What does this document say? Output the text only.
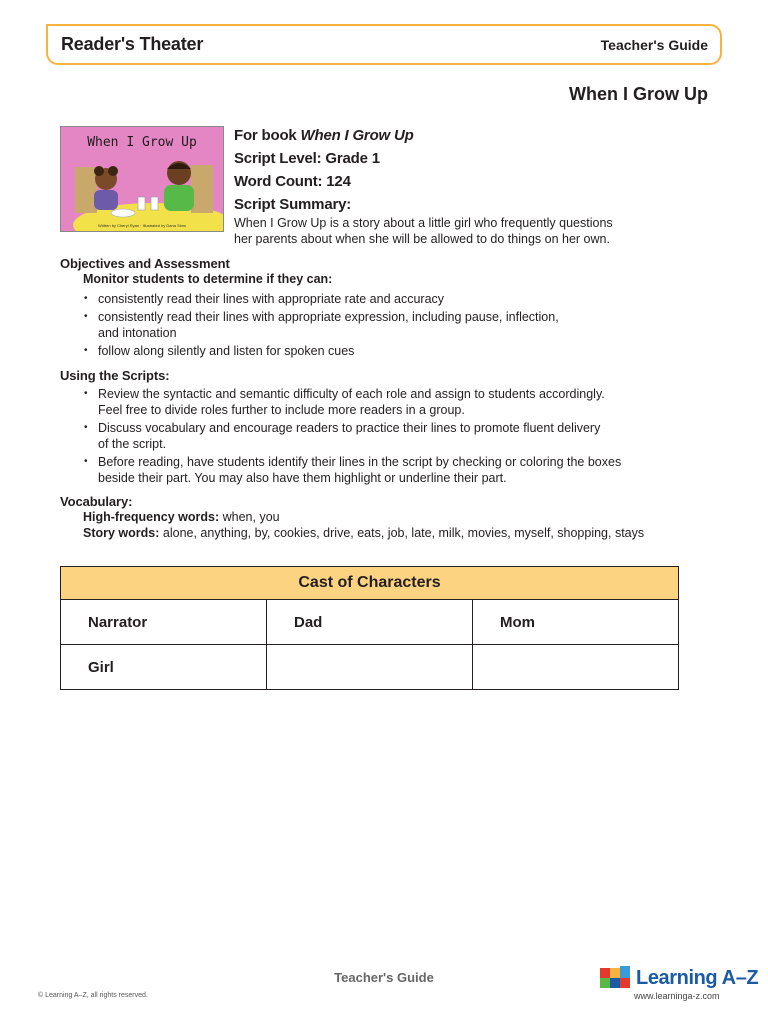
Reader's Theater	Teacher's Guide
When I Grow Up
When I Grow Up
Written by Cheryl Ryan · Illustrated by Dana Sims
For book When I Grow Up
Script Level: Grade 1
Word Count: 124
Script Summary:
When I Grow Up is a story about a little girl who frequently questions
her parents about when she will be allowed to do things on her own.
Objectives and Assessment
Monitor students to determine if they can:
• consistently read their lines with appropriate rate and accuracy
• consistently read their lines with appropriate expression, including pause, inflection,
and intonation
• follow along silently and listen for spoken cues
Using the Scripts:
• Review the syntactic and semantic difficulty of each role and assign to students accordingly.
Feel free to divide roles further to include more readers in a group.
• Discuss vocabulary and encourage readers to practice their lines to promote fluent delivery
of the script.
• Before reading, have students identify their lines in the script by checking or coloring the boxes
beside their part. You may also have them highlight or underline their part.
Vocabulary:
High-frequency words: when, you
Story words: alone, anything, by, cookies, drive, eats, job, late, milk, movies, myself, shopping, stays
Cast of Characters		
Narrator	Dad	Mom
Girl		
Teacher's Guide
© Learning A–Z, all rights reserved.
Learning A–Z
www.learninga-z.com
